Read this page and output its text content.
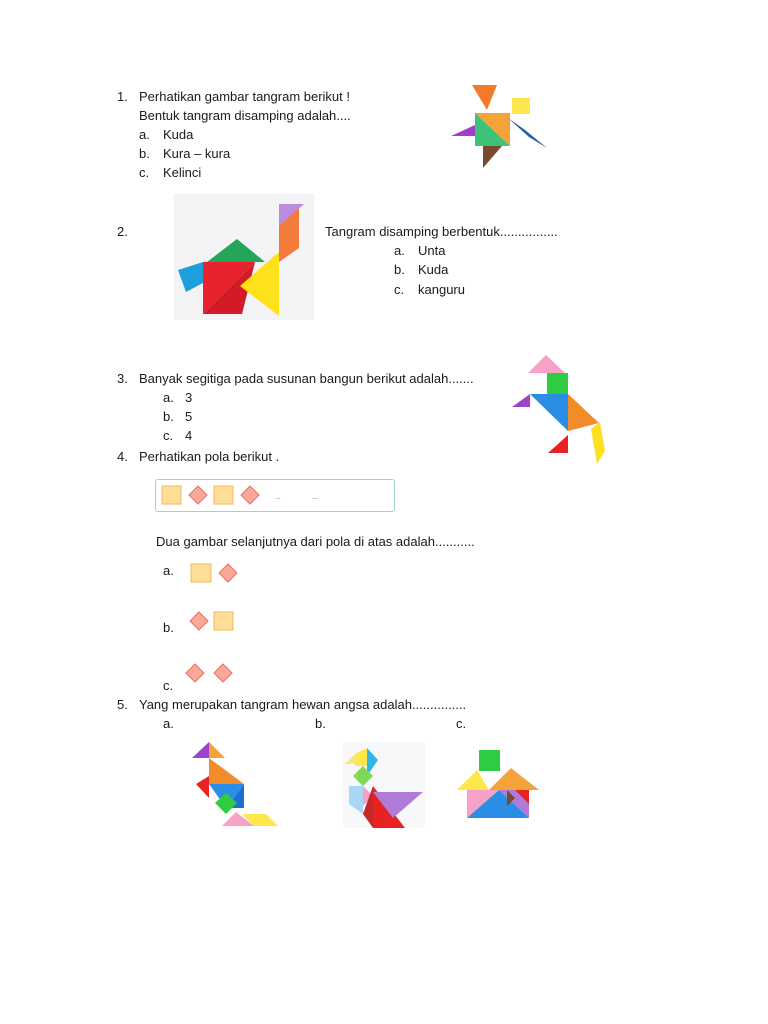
1. Perhatikan gambar tangram berikut !
Bentuk tangram disamping adalah....
a. Kuda
b. Kura – kura
c. Kelinci
2.	Tangram disamping berbentuk................
a. Unta
b. Kuda
c. kanguru
3. Banyak segitiga pada susunan bangun berikut adalah.......
a. 3
b. 5
c. 4
4. Perhatikan pola berikut .
...	...
Dua gambar selanjutnya dari pola di atas adalah...........
a.
b.
c.
5. Yang merupakan tangram hewan angsa adalah...............
a.	b.	c.
